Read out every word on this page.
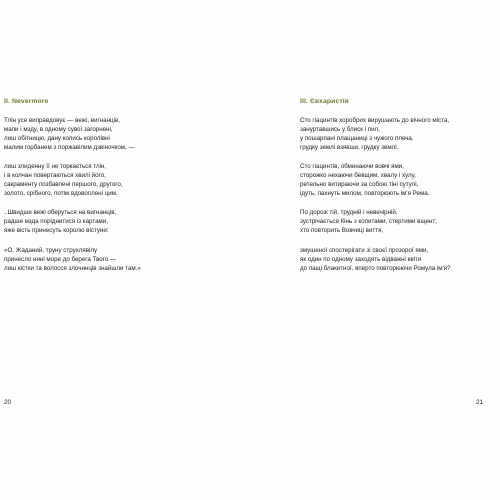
II. Nevermore
Тлін усе виправдовує — вежі, вигнанців,
мапи і мзду, в одному сувої загорнені,
лиш обітницю, дану колись королівні
малим горбанем з поржавілим дзвіночком, —
лиш злиденну її не торкається тлін,
і в колчан повертаються хвилі його,
сакраменту позбавлені першого, другого,
золото, срібного, потім вдовоплені цим.
..Швидше вежі оберуться на вигнанців,
радше мзда поріднитися із картами,
яже вість принесуть королю вістуни:
«О, Жаданий, труну струхлявілу
принесло нині море до берега Твого —
лиш кістки та волосся злочинців знайшли там.»
20
III. Євхаристія
Сто гіацинтів хоробрих вирушають до вічного міста,
зануртавшись у блиск і пил,
у пошарпані плащаниці з чужого плеча,
грудку землі взявши, грудку землі.
Сто гіацинтів, обминаючи вовчі ями,
сторожко нехаючи бевщим, хвалу і хулу,
ретельно витираючи за собою тіні сутулі,
ідуть, пахнуть милом, повторюють ім'я Рема.
По дорозі тій, трудній і невечірній,
зустрічається Кінь з копитами, стертими вщент;
хто повторить Вовчиці виття,
змушеної спостерігати зі своєї прозорої ями,
як один по одному заходять відважні квіти
до пащі блакитної, вперто повторюючи Ромула ім'я?
21
